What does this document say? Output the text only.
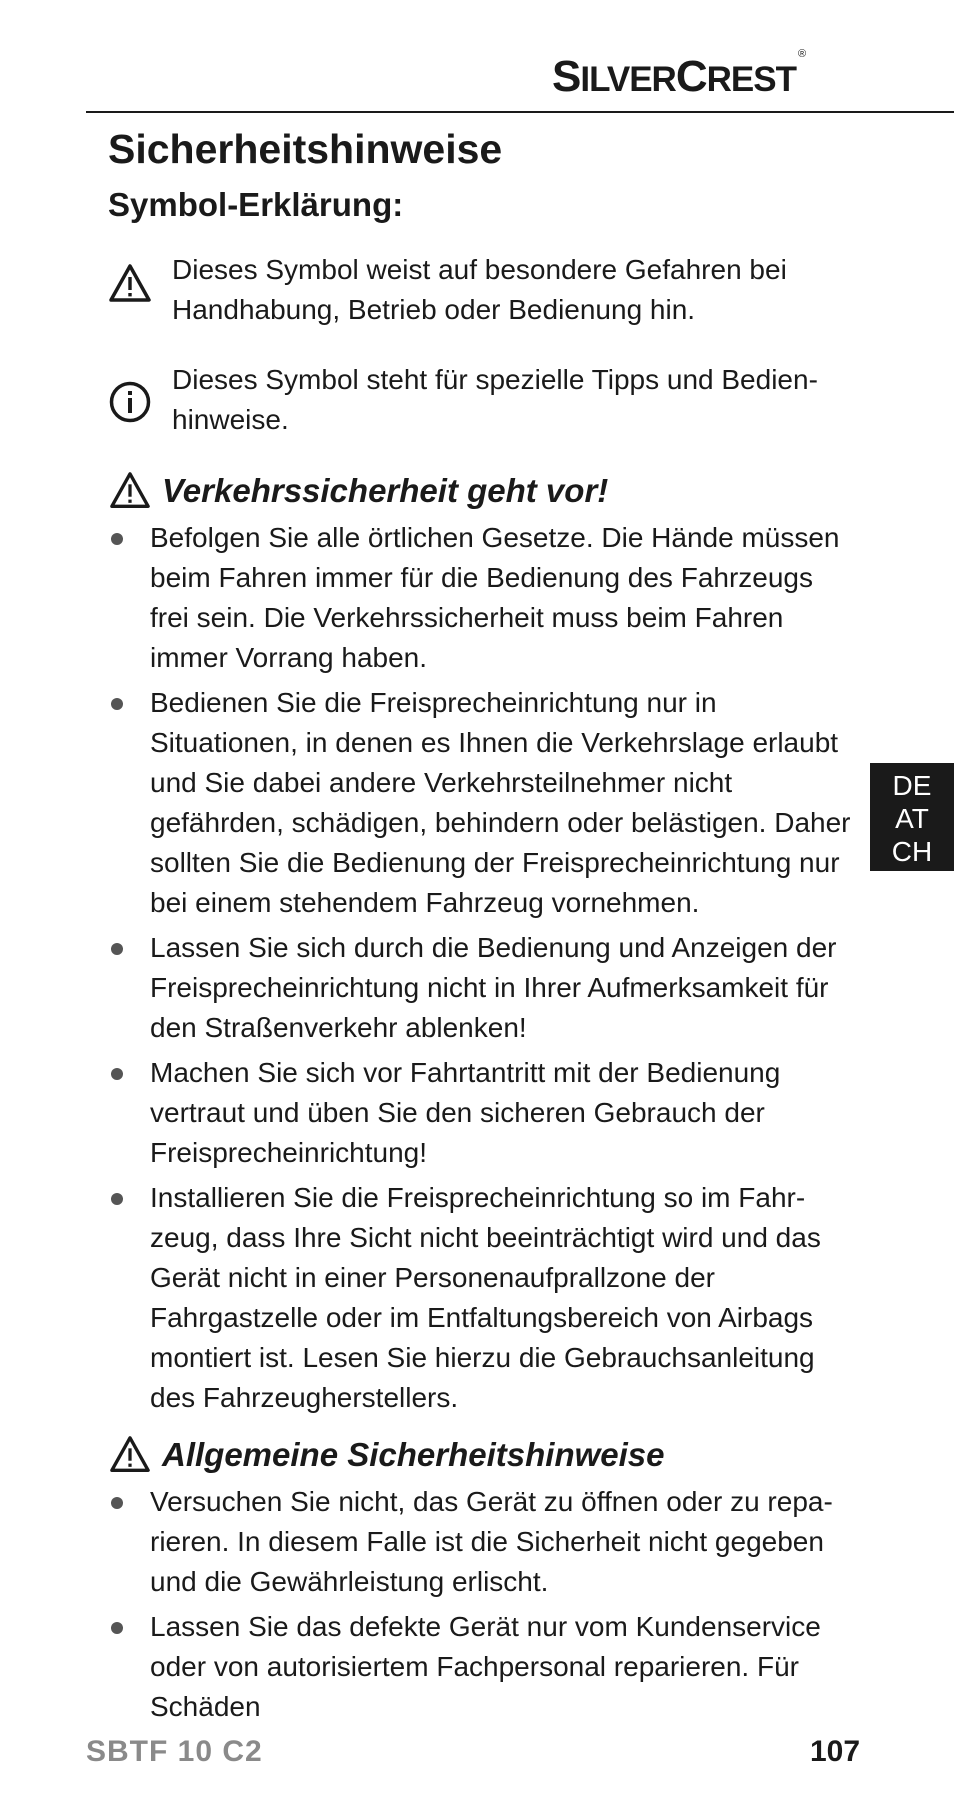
SILVERCREST®
Sicherheitshinweise
Symbol-Erklärung:
Dieses Symbol weist auf besondere Gefahren bei Handhabung, Betrieb oder Bedienung hin.
Dieses Symbol steht für spezielle Tipps und Bedienhinweise.
Verkehrssicherheit geht vor!
Befolgen Sie alle örtlichen Gesetze. Die Hände müssen beim Fahren immer für die Bedienung des Fahrzeugs frei sein. Die Verkehrssicherheit muss beim Fahren immer Vorrang haben.
Bedienen Sie die Freisprecheinrichtung nur in Situationen, in denen es Ihnen die Verkehrslage erlaubt und Sie dabei andere Verkehrsteilnehmer nicht gefährden, schädigen, behindern oder belästigen. Daher sollten Sie die Bedienung der Freisprecheinrichtung nur bei einem stehendem Fahrzeug vornehmen.
Lassen Sie sich durch die Bedienung und Anzeigen der Freisprecheinrichtung nicht in Ihrer Aufmerksamkeit für den Straßenverkehr ablenken!
Machen Sie sich vor Fahrtantritt mit der Bedienung vertraut und üben Sie den sicheren Gebrauch der Freisprecheinrichtung!
Installieren Sie die Freisprecheinrichtung so im Fahrzeug, dass Ihre Sicht nicht beeinträchtigt wird und das Gerät nicht in einer Personenaufprallzone der Fahrgastzelle oder im Entfaltungsbereich von Airbags montiert ist. Lesen Sie hierzu die Gebrauchsanleitung des Fahrzeugherstellers.
Allgemeine Sicherheitshinweise
Versuchen Sie nicht, das Gerät zu öffnen oder zu reparieren. In diesem Falle ist die Sicherheit nicht gegeben und die Gewährleistung erlischt.
Lassen Sie das defekte Gerät nur vom Kundenservice oder von autorisiertem Fachpersonal reparieren. Für Schäden
DE
AT
CH
SBTF 10 C2	107
